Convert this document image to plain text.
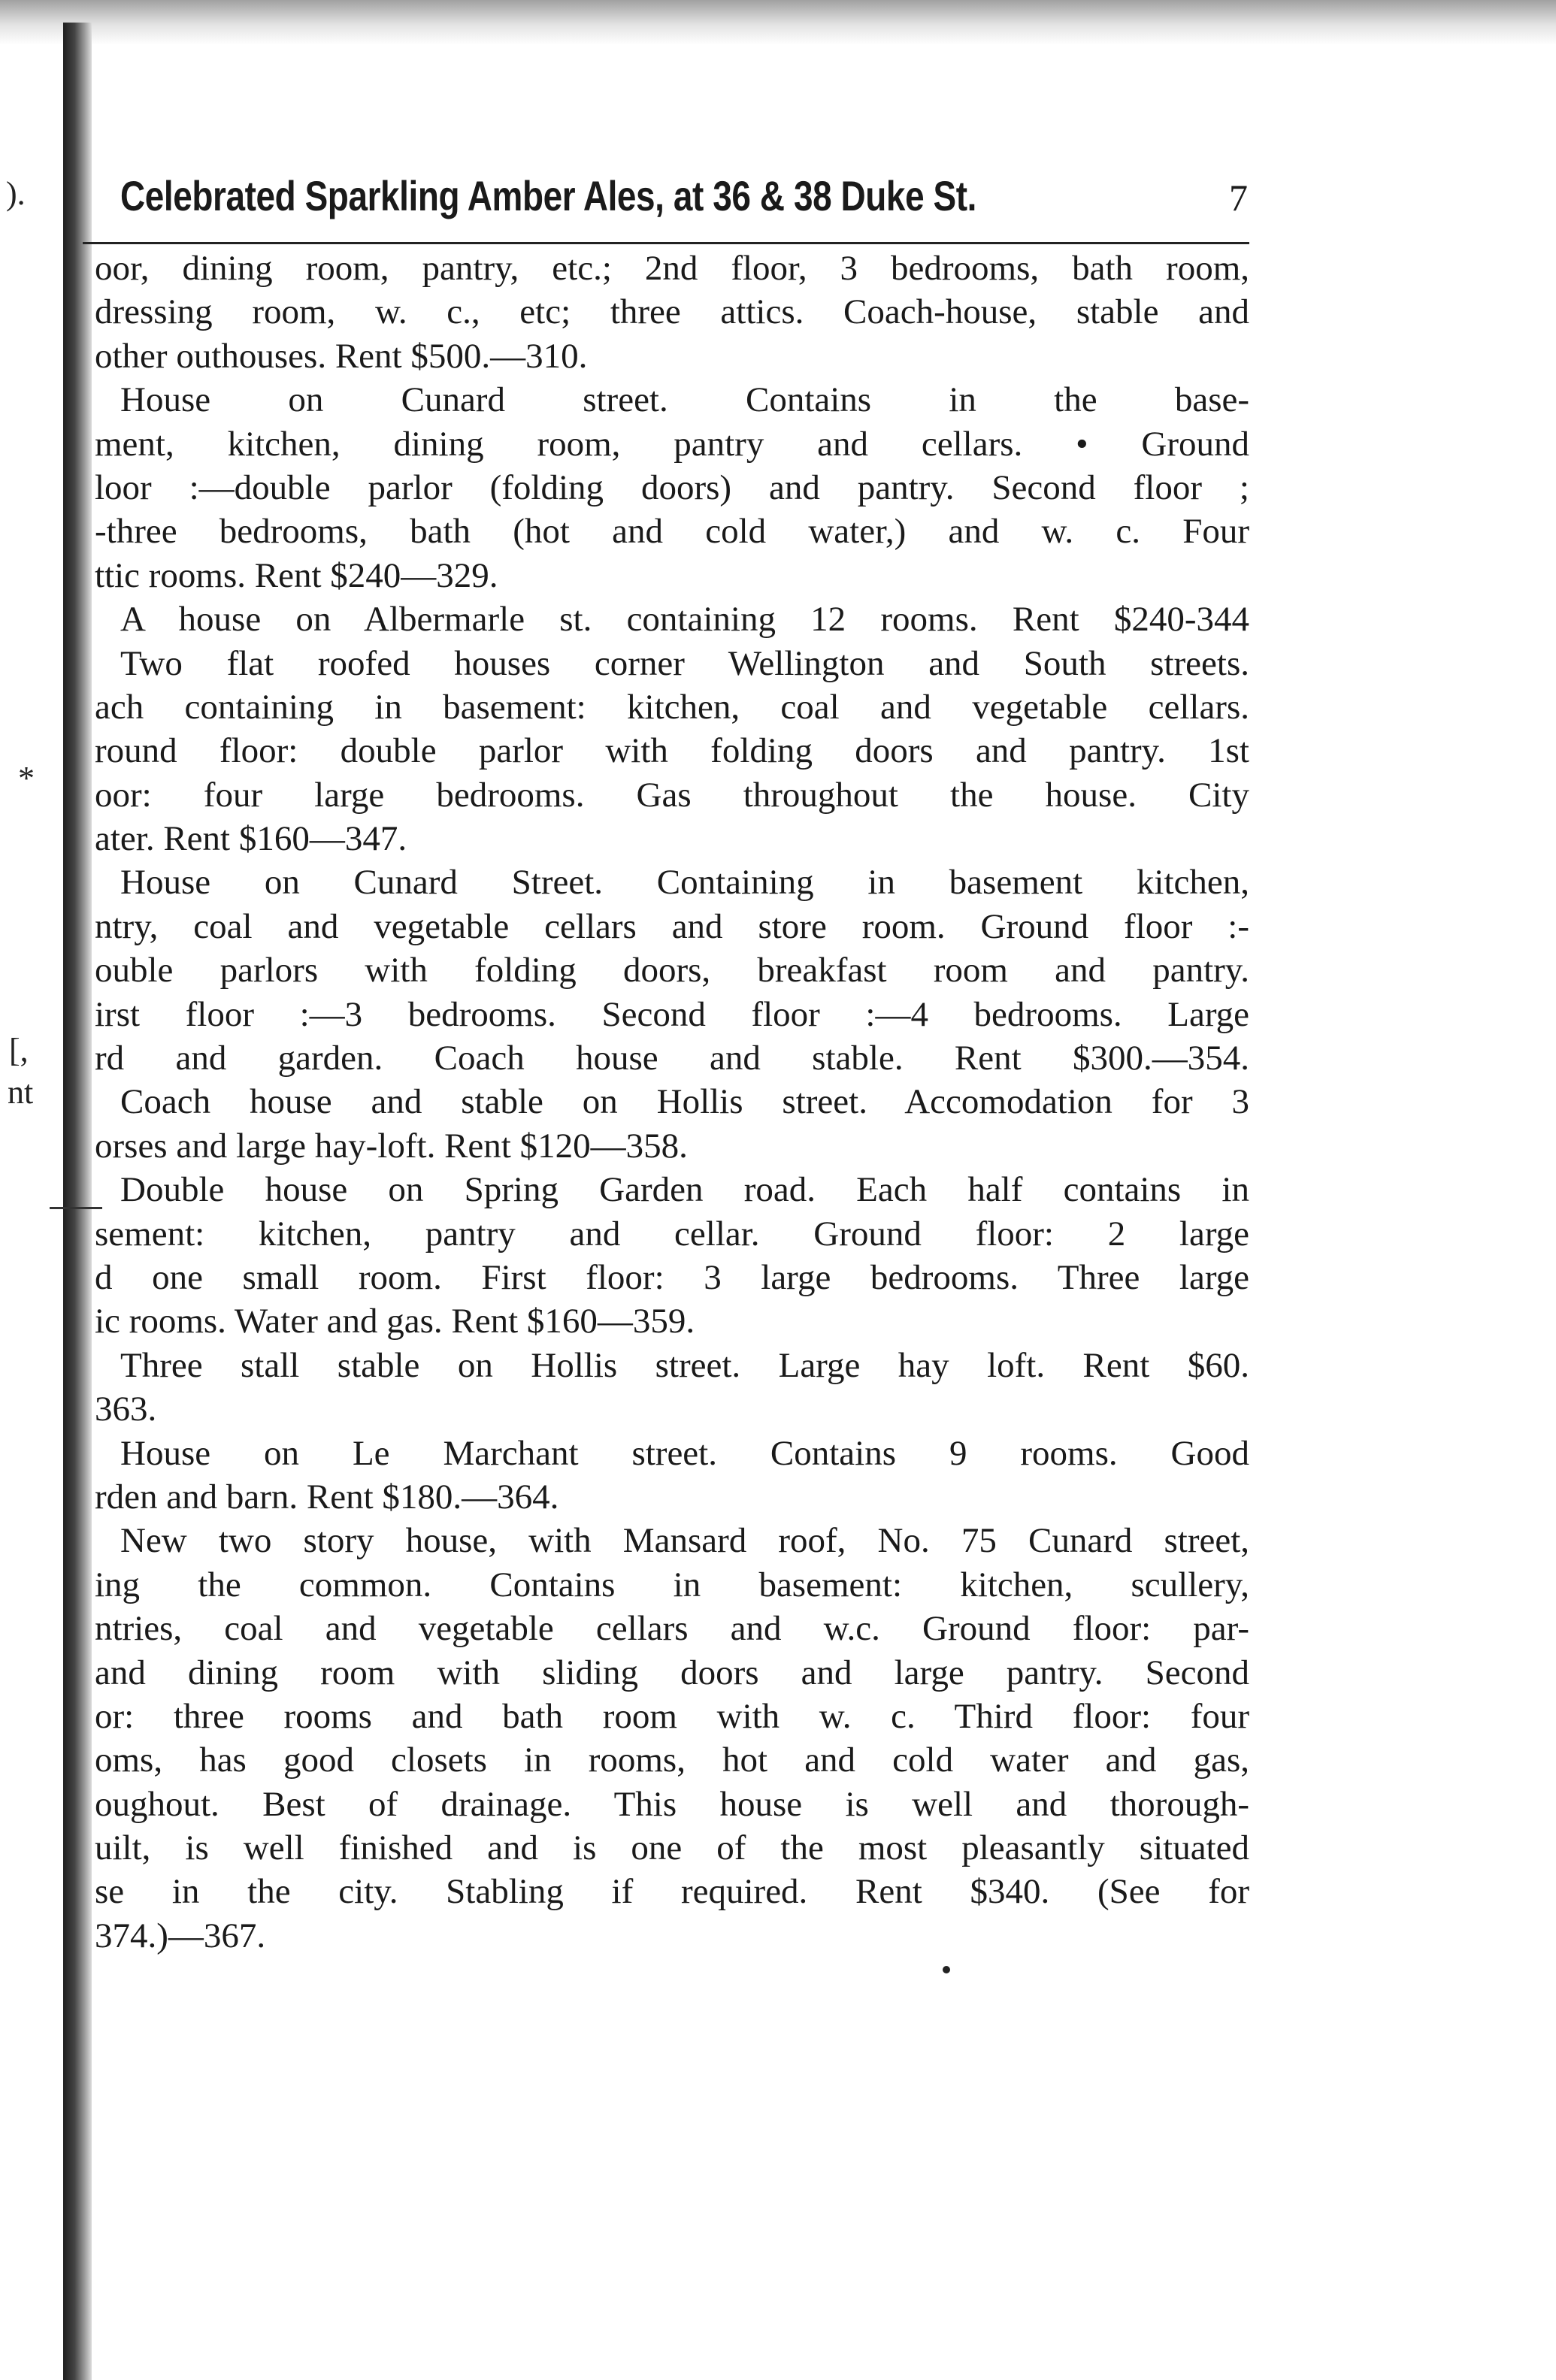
).
*
[,
nt
Celebrated Sparkling Amber Ales, at 36 & 38 Duke St.	7
oor, dining room, pantry, etc.; 2nd floor, 3 bedrooms, bath room,
dressing room, w. c., etc; three attics. Coach-house, stable and
other outhouses. Rent $500.—310.
House on Cunard street. Contains in the base-
ment, kitchen, dining room, pantry and cellars. • Ground
loor :—double parlor (folding doors) and pantry. Second floor ;
-three bedrooms, bath (hot and cold water,) and w. c. Four
ttic rooms. Rent $240—329.
A house on Albermarle st. containing 12 rooms. Rent $240-344
Two flat roofed houses corner Wellington and South streets.
ach containing in basement: kitchen, coal and vegetable cellars.
round floor: double parlor with folding doors and pantry. 1st
oor: four large bedrooms. Gas throughout the house. City
ater. Rent $160—347.
House on Cunard Street. Containing in basement kitchen,
ntry, coal and vegetable cellars and store room. Ground floor :-
ouble parlors with folding doors, breakfast room and pantry.
irst floor :—3 bedrooms. Second floor :—4 bedrooms. Large
rd and garden. Coach house and stable. Rent $300.—354.
Coach house and stable on Hollis street. Accomodation for 3
orses and large hay-loft. Rent $120—358.
Double house on Spring Garden road. Each half contains in
sement: kitchen, pantry and cellar. Ground floor: 2 large
d one small room. First floor: 3 large bedrooms. Three large
ic rooms. Water and gas. Rent $160—359.
Three stall stable on Hollis street. Large hay loft. Rent $60.
363.
House on Le Marchant street. Contains 9 rooms. Good
rden and barn. Rent $180.—364.
New two story house, with Mansard roof, No. 75 Cunard street,
ing the common. Contains in basement: kitchen, scullery,
ntries, coal and vegetable cellars and w.c. Ground floor: par-
and dining room with sliding doors and large pantry. Second
or: three rooms and bath room with w. c. Third floor: four
oms, has good closets in rooms, hot and cold water and gas,
oughout. Best of drainage. This house is well and thorough-
uilt, is well finished and is one of the most pleasantly situated
se in the city. Stabling if required. Rent $340. (See for
374.)—367.
